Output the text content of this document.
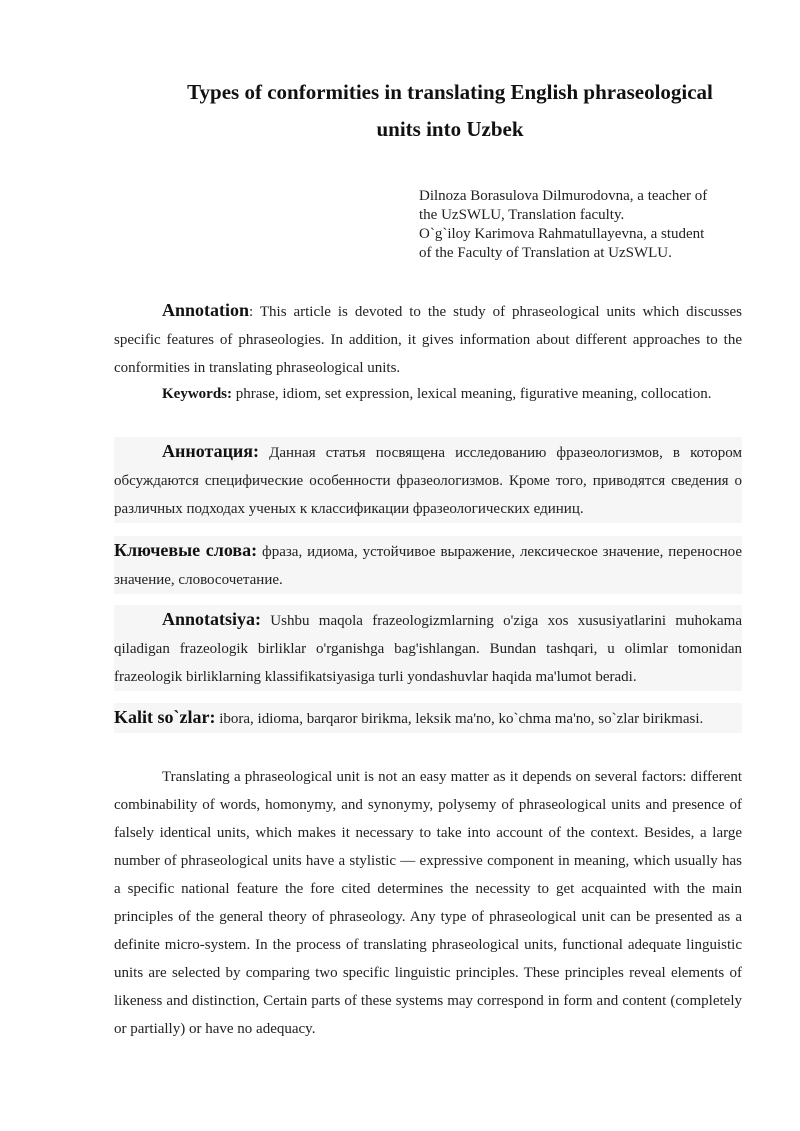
Types of conformities in translating English phraseological
units into Uzbek
Dilnoza Borasulova Dilmurodovna, a teacher of
the UzSWLU, Translation faculty.
O`g`iloy Karimova Rahmatullayevna, a student
of the Faculty of Translation at UzSWLU.
Annotation: This article is devoted to the study of phraseological units which discusses specific features of phraseologies. In addition, it gives information about different approaches to the conformities in translating phraseological units.
Keywords: phrase, idiom, set expression, lexical meaning, figurative meaning, collocation.
Аннотация: Данная статья посвящена исследованию фразеологизмов, в котором обсуждаются специфические особенности фразеологизмов. Кроме того, приводятся сведения о различных подходах ученых к классификации фразеологических единиц.
Ключевые слова: фраза, идиома, устойчивое выражение, лексическое значение, переносное значение, словосочетание.
Annotatsiya: Ushbu maqola frazeologizmlarning o'ziga xos xususiyatlarini muhokama qiladigan frazeologik birliklar o'rganishga bag'ishlangan. Bundan tashqari, u olimlar tomonidan frazeologik birliklarning klassifikatsiyasiga turli yondashuvlar haqida ma'lumot beradi.
Kalit so`zlar: ibora, idioma, barqaror birikma, leksik ma'no, ko`chma ma'no, so`zlar birikmasi.
Translating a phraseological unit is not an easy matter as it depends on several factors: different combinability of words, homonymy, and synonymy, polysemy of phraseological units and presence of falsely identical units, which makes it necessary to take into account of the context. Besides, a large number of phraseological units have a stylistic — expressive component in meaning, which usually has a specific national feature the fore cited determines the necessity to get acquainted with the main principles of the general theory of phraseology. Any type of phraseological unit can be presented as a definite micro-system. In the process of translating phraseological units, functional adequate linguistic units are selected by comparing two specific linguistic principles. These principles reveal elements of likeness and distinction, Certain parts of these systems may correspond in form and content (completely or partially) or have no adequacy.
